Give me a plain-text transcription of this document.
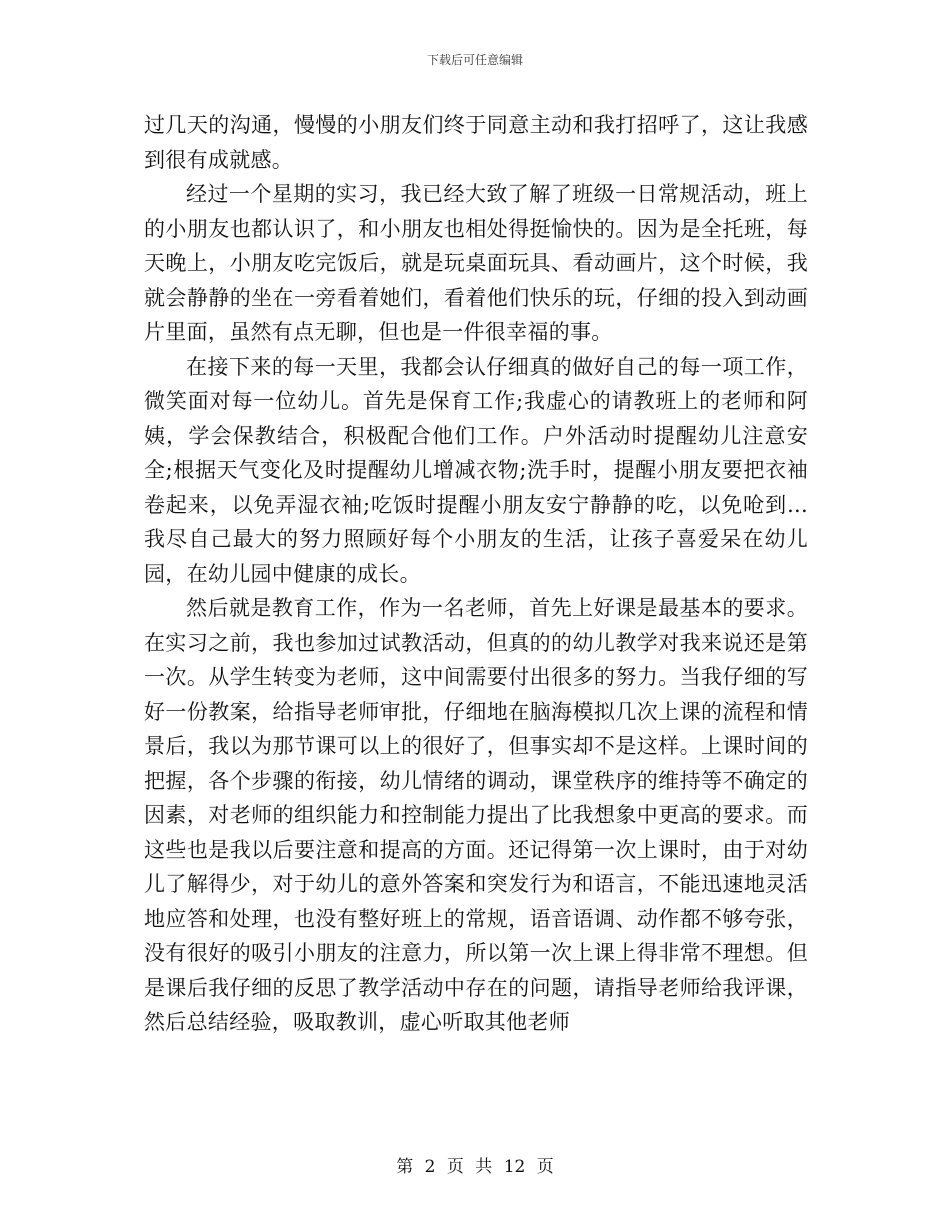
下载后可任意编辑

过几天的沟通，慢慢的小朋友们终于同意主动和我打招呼了，这让我感到很有成就感。

经过一个星期的实习，我已经大致了解了班级一日常规活动，班上的小朋友也都认识了，和小朋友也相处得挺愉快的。因为是全托班，每天晚上，小朋友吃完饭后，就是玩桌面玩具、看动画片，这个时候，我就会静静的坐在一旁看着她们，看着他们快乐的玩，仔细的投入到动画片里面，虽然有点无聊，但也是一件很幸福的事。

在接下来的每一天里，我都会认仔细真的做好自己的每一项工作，微笑面对每一位幼儿。首先是保育工作;我虚心的请教班上的老师和阿姨，学会保教结合，积极配合他们工作。户外活动时提醒幼儿注意安全;根据天气变化及时提醒幼儿增减衣物;洗手时，提醒小朋友要把衣袖卷起来，以免弄湿衣袖;吃饭时提醒小朋友安宁静静的吃，以免呛到...我尽自己最大的努力照顾好每个小朋友的生活，让孩子喜爱呆在幼儿园，在幼儿园中健康的成长。

然后就是教育工作，作为一名老师，首先上好课是最基本的要求。在实习之前，我也参加过试教活动，但真的的幼儿教学对我来说还是第一次。从学生转变为老师，这中间需要付出很多的努力。当我仔细的写好一份教案，给指导老师审批，仔细地在脑海模拟几次上课的流程和情景后，我以为那节课可以上的很好了，但事实却不是这样。上课时间的把握，各个步骤的衔接，幼儿情绪的调动，课堂秩序的维持等不确定的因素，对老师的组织能力和控制能力提出了比我想象中更高的要求。而这些也是我以后要注意和提高的方面。还记得第一次上课时，由于对幼儿了解得少，对于幼儿的意外答案和突发行为和语言，不能迅速地灵活地应答和处理，也没有整好班上的常规，语音语调、动作都不够夸张，没有很好的吸引小朋友的注意力，所以第一次上课上得非常不理想。但是课后我仔细的反思了教学活动中存在的问题，请指导老师给我评课，然后总结经验，吸取教训，虚心听取其他老师

第 2 页 共 12 页
